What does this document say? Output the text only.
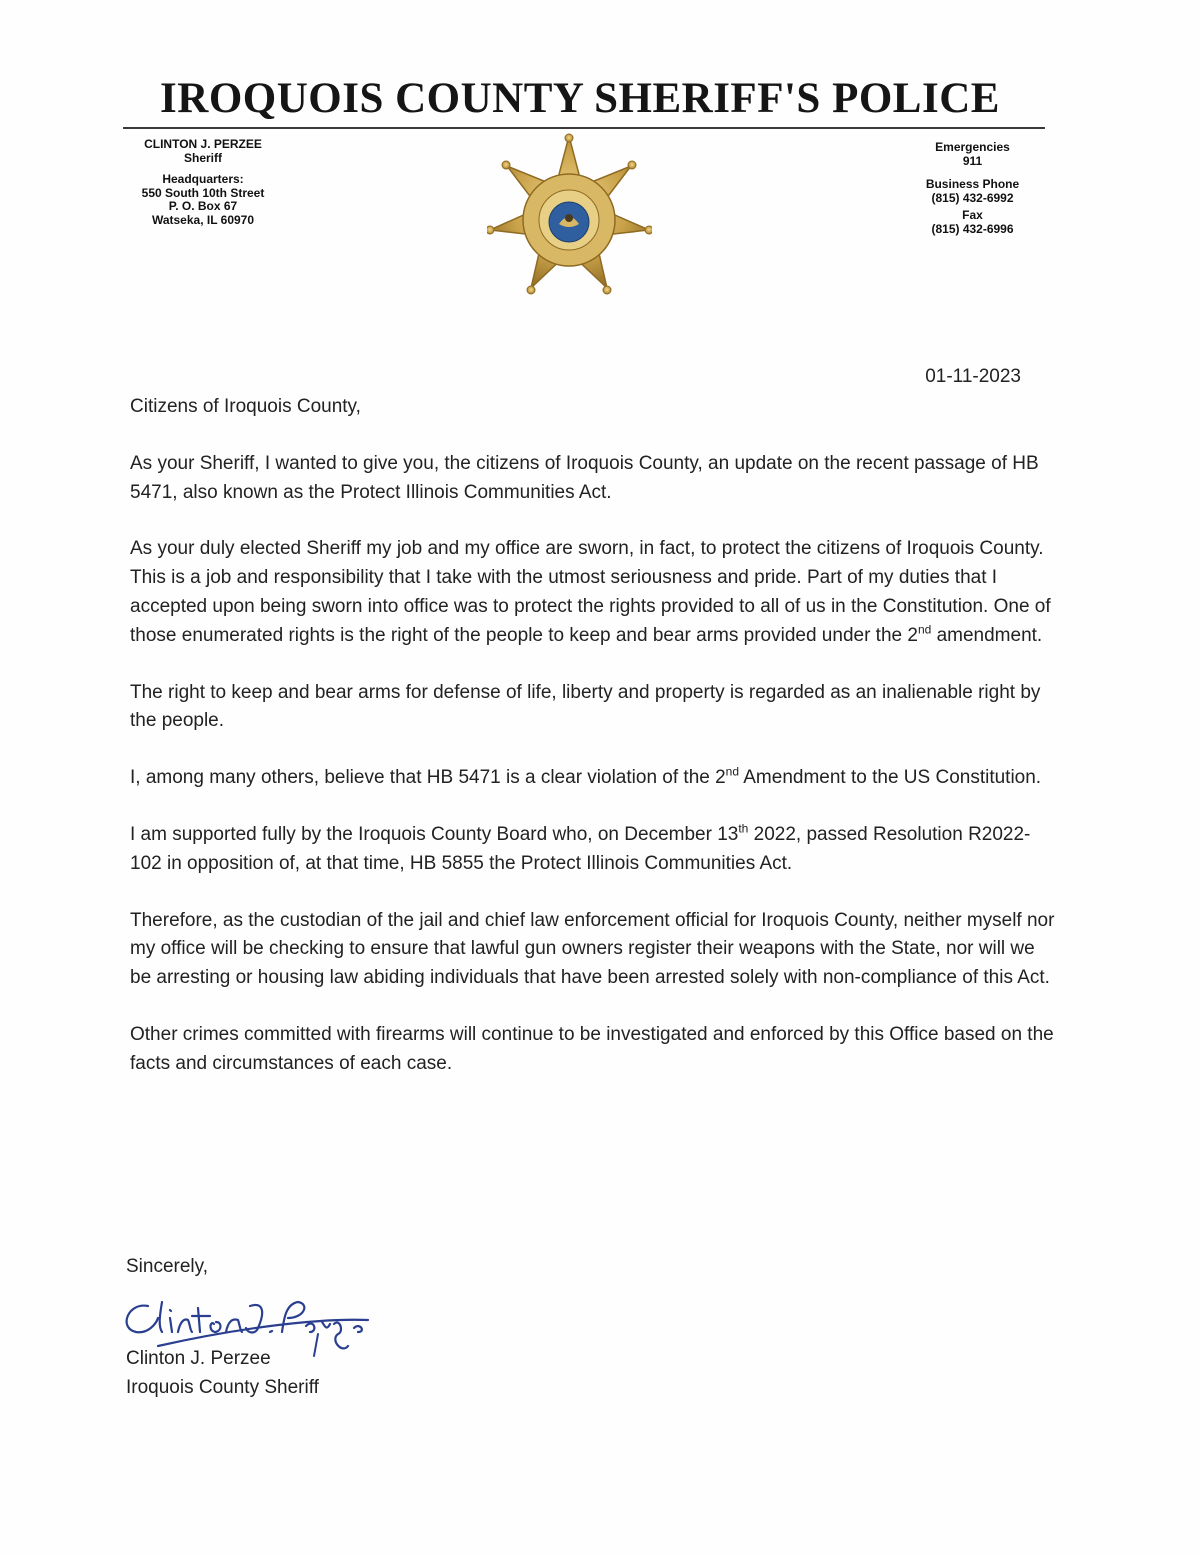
IROQUOIS COUNTY SHERIFF'S POLICE
CLINTON J. PERZEE
Sheriff
Headquarters:
550 South 10th Street
P. O. Box 67
Watseka, IL 60970
Emergencies
911
Business Phone
(815) 432-6992
Fax
(815) 432-6996
01-11-2023

Citizens of Iroquois County,

As your Sheriff, I wanted to give you, the citizens of Iroquois County, an update on the recent passage of HB 5471, also known as the Protect Illinois Communities Act.

As your duly elected Sheriff my job and my office are sworn, in fact, to protect the citizens of Iroquois County. This is a job and responsibility that I take with the utmost seriousness and pride. Part of my duties that I accepted upon being sworn into office was to protect the rights provided to all of us in the Constitution. One of those enumerated rights is the right of the people to keep and bear arms provided under the 2nd amendment.

The right to keep and bear arms for defense of life, liberty and property is regarded as an inalienable right by the people.

I, among many others, believe that HB 5471 is a clear violation of the 2nd Amendment to the US Constitution.

I am supported fully by the Iroquois County Board who, on December 13th 2022, passed Resolution R2022-102 in opposition of, at that time, HB 5855 the Protect Illinois Communities Act.

Therefore, as the custodian of the jail and chief law enforcement official for Iroquois County, neither myself nor my office will be checking to ensure that lawful gun owners register their weapons with the State, nor will we be arresting or housing law abiding individuals that have been arrested solely with non-compliance of this Act.

Other crimes committed with firearms will continue to be investigated and enforced by this Office based on the facts and circumstances of each case.

Sincerely,
Clinton J. Perzee
Iroquois County Sheriff
